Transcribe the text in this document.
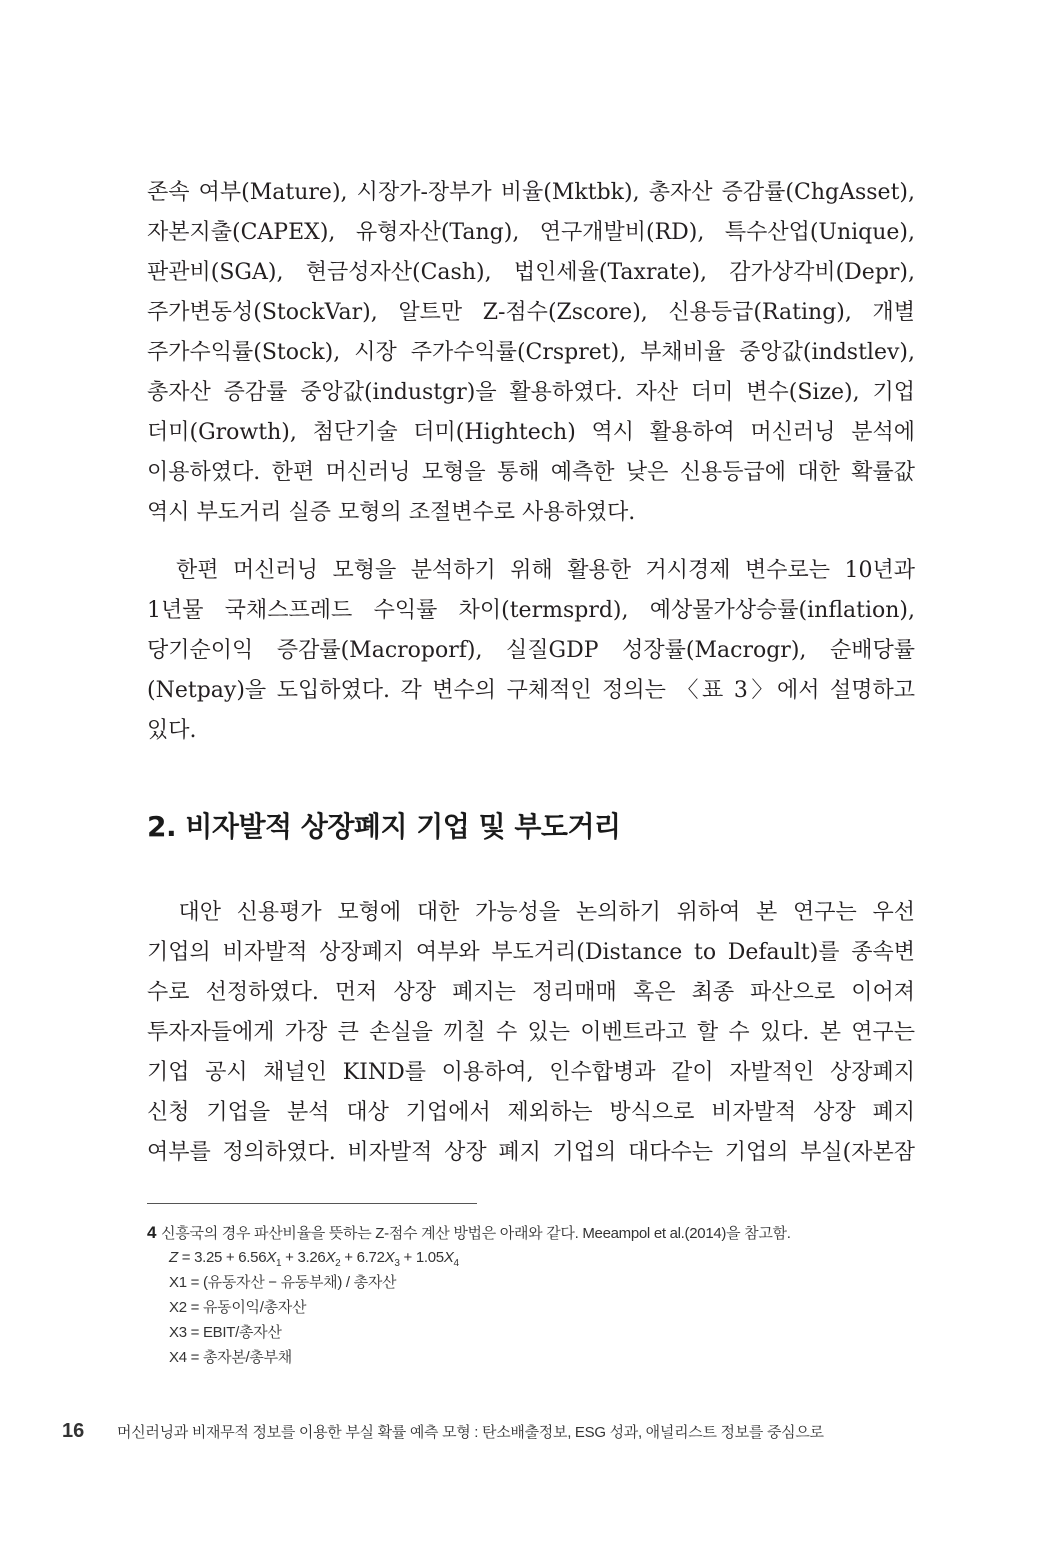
존속 여부(Mature), 시장가-장부가 비율(Mktbk), 총자산 증감률(ChgAsset),
자본지출(CAPEX), 유형자산(Tang), 연구개발비(RD), 특수산업(Unique),
판관비(SGA), 현금성자산(Cash), 법인세율(Taxrate), 감가상각비(Depr),
주가변동성(StockVar), 알트만 Z-점수(Zscore), 신용등급(Rating), 개별
주가수익률(Stock), 시장 주가수익률(Crspret), 부채비율 중앙값(indstlev),
총자산 증감률 중앙값(industgr)을 활용하였다. 자산 더미 변수(Size), 기업
더미(Growth), 첨단기술 더미(Hightech) 역시 활용하여 머신러닝 분석에
이용하였다. 한편 머신러닝 모형을 통해 예측한 낮은 신용등급에 대한 확률값
역시 부도거리 실증 모형의 조절변수로 사용하였다.
한편 머신러닝 모형을 분석하기 위해 활용한 거시경제 변수로는 10년과
1년물 국채스프레드 수익률 차이(termsprd), 예상물가상승률(inflation),
당기순이익 증감률(Macroporf), 실질GDP 성장률(Macrogr), 순배당률
(Netpay)을 도입하였다. 각 변수의 구체적인 정의는 〈표 3〉에서 설명하고
있다.
2. 비자발적 상장폐지 기업 및 부도거리
대안 신용평가 모형에 대한 가능성을 논의하기 위하여 본 연구는 우선
기업의 비자발적 상장폐지 여부와 부도거리(Distance to Default)를 종속변
수로 선정하였다. 먼저 상장 폐지는 정리매매 혹은 최종 파산으로 이어져
투자자들에게 가장 큰 손실을 끼칠 수 있는 이벤트라고 할 수 있다. 본 연구는
기업 공시 채널인 KIND를 이용하여, 인수합병과 같이 자발적인 상장폐지
신청 기업을 분석 대상 기업에서 제외하는 방식으로 비자발적 상장 폐지
여부를 정의하였다. 비자발적 상장 폐지 기업의 대다수는 기업의 부실(자본잠
4 신흥국의 경우 파산비율을 뜻하는 Z-점수 계산 방법은 아래와 같다. Meeampol et al.(2014)을 참고함.
$Z = 3.25 + 6.56X_1 + 3.26X_2 + 6.72X_3 + 1.05X_4$
X1 = (유동자산 − 유동부채) / 총자산
X2 = 유동이익/총자산
X3 = EBIT/총자산
X4 = 총자본/총부채
16 머신러닝과 비재무적 정보를 이용한 부실 확률 예측 모형 : 탄소배출정보, ESG 성과, 애널리스트 정보를 중심으로
